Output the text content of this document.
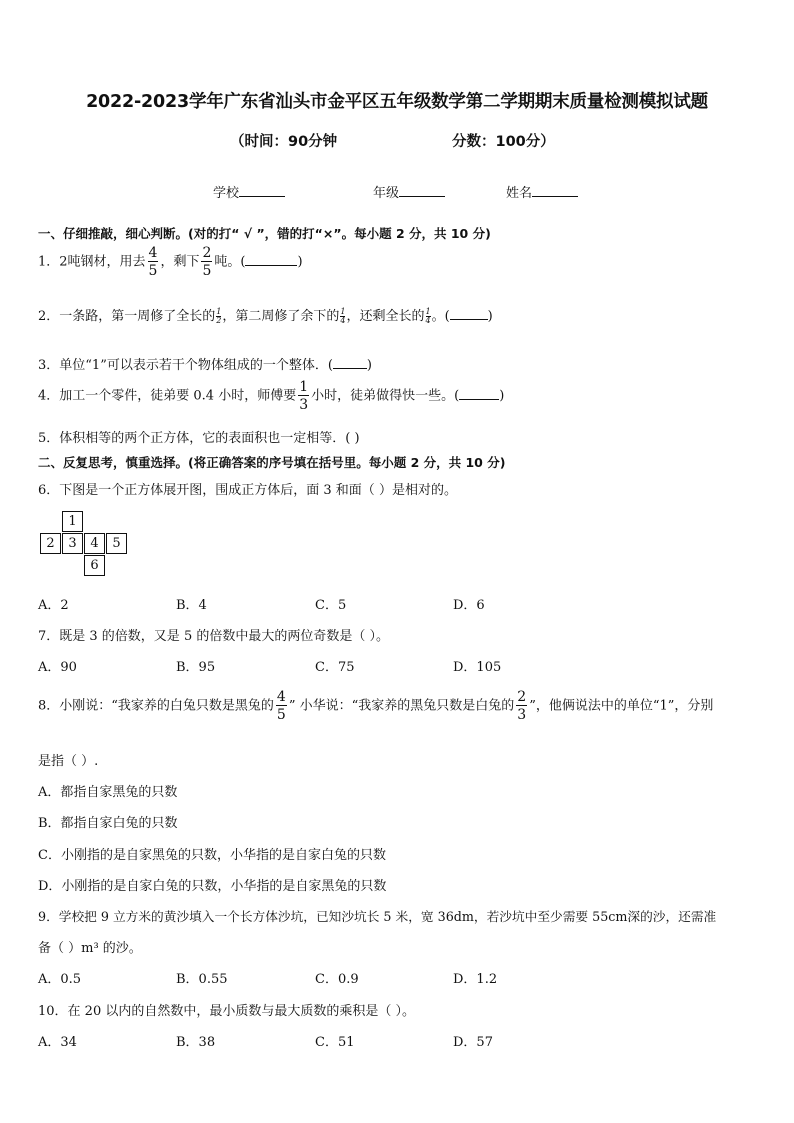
2022-2023学年广东省汕头市金平区五年级数学第二学期期末质量检测模拟试题
（时间：90分钟	分数：100分）
学校	年级	姓名
一、仔细推敲，细心判断。(对的打“ √ ”，错的打“×”。每小题 2 分，共 10 分)
1．2吨钢材，用去 $\frac{4}{5}$ ，剩下 $\frac{2}{5}$ 吨。(	)
2．一条路，第一周修了全长的 $\frac{1}{2}$ ，第二周修了余下的 $\frac{1}{4}$ ，还剩全长的 $\frac{1}{4}$ 。(	)
3．单位“1”可以表示若干个物体组成的一个整体．(	)
4．加工一个零件，徒弟要 0.4 小时，师傅要 $\frac{1}{3}$ 小时，徒弟做得快一些。(	)
5．体积相等的两个正方体，它的表面积也一定相等．( )
二、反复思考，慎重选择。(将正确答案的序号填在括号里。每小题 2 分，共 10 分)
6．下图是一个正方体展开图，围成正方体后，面 3 和面（ ）是相对的。
1
2	3	4	5
6
A．2	B．4	C．5	D．6
7．既是 3 的倍数，又是 5 的倍数中最大的两位奇数是（ ）。
A．90	B．95	C．75	D．105
8．小刚说：“我家养的白兔只数是黑兔的 $\frac{4}{5}$ ” 小华说：“我家养的黑兔只数是白兔的 $\frac{2}{3}$ ”，他俩说法中的单位“1”，分别
是指（ ）.
A．都指自家黑兔的只数
B．都指自家白兔的只数
C．小刚指的是自家黑兔的只数，小华指的是自家白兔的只数
D．小刚指的是自家白兔的只数，小华指的是自家黑兔的只数
9．学校把 9 立方米的黄沙填入一个长方体沙坑，已知沙坑长 5 米，宽 36dm，若沙坑中至少需要 55cm深的沙，还需准
备（ ）m³ 的沙。
A．0.5	B．0.55	C．0.9	D．1.2
10．在 20 以内的自然数中，最小质数与最大质数的乘积是（ ）。
A．34	B．38	C．51	D．57
